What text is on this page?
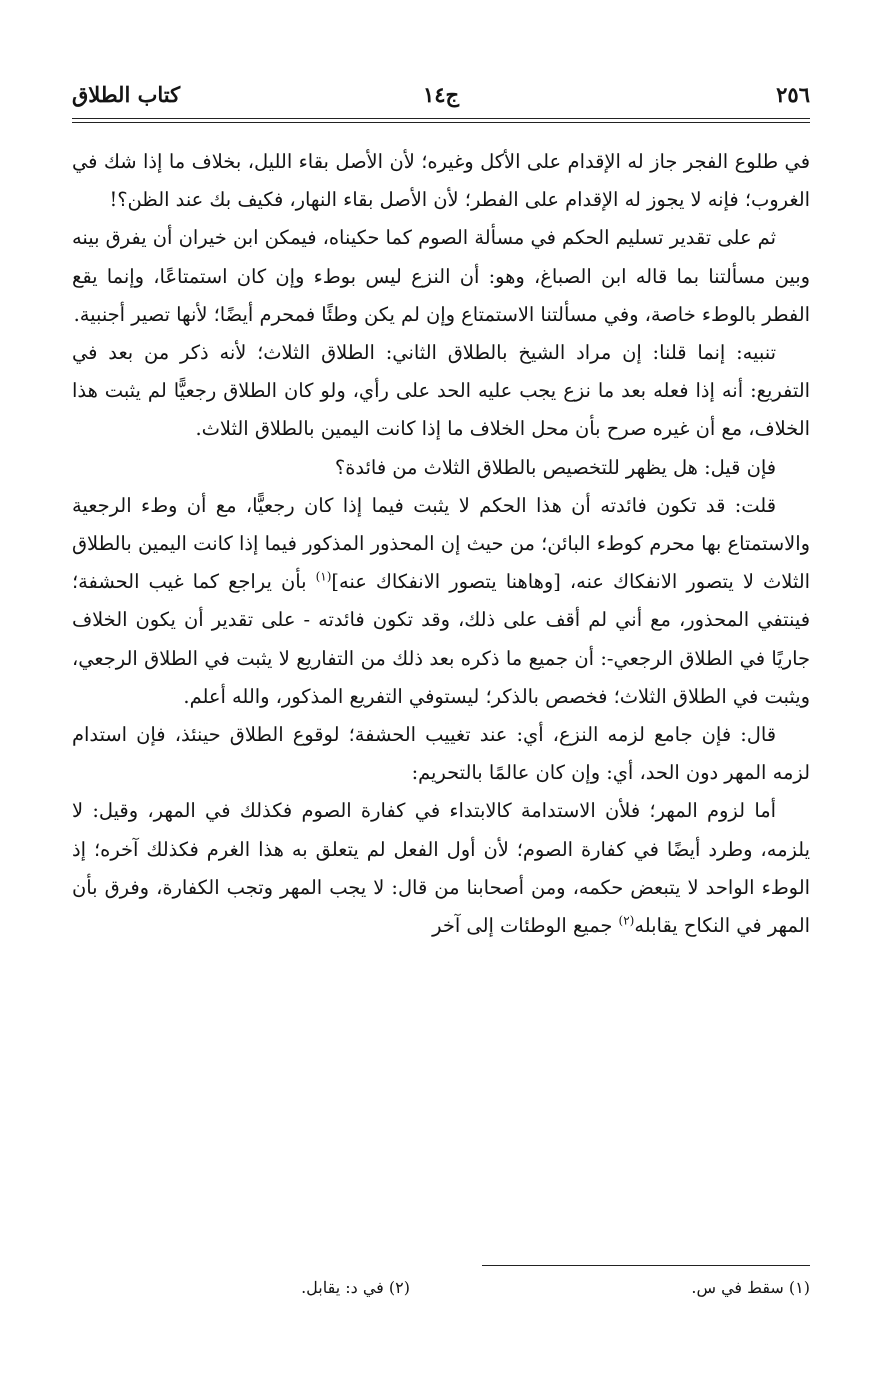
٢٥٦
ج١٤
كتاب الطلاق

في طلوع الفجر جاز له الإقدام على الأكل وغيره؛ لأن الأصل بقاء الليل، بخلاف ما إذا شك في الغروب؛ فإنه لا يجوز له الإقدام على الفطر؛ لأن الأصل بقاء النهار، فكيف بك عند الظن؟!

ثم على تقدير تسليم الحكم في مسألة الصوم كما حكيناه، فيمكن ابن خيران أن يفرق بينه وبين مسألتنا بما قاله ابن الصباغ، وهو: أن النزع ليس بوطء وإن كان استمتاعًا، وإنما يقع الفطر بالوطء خاصة، وفي مسألتنا الاستمتاع وإن لم يكن وطئًا فمحرم أيضًا؛ لأنها تصير أجنبية.

تنبيه: إنما قلنا: إن مراد الشيخ بالطلاق الثاني: الطلاق الثلاث؛ لأنه ذكر من بعد في التفريع: أنه إذا فعله بعد ما نزع يجب عليه الحد على رأي، ولو كان الطلاق رجعيًّا لم يثبت هذا الخلاف، مع أن غيره صرح بأن محل الخلاف ما إذا كانت اليمين بالطلاق الثلاث.

فإن قيل: هل يظهر للتخصيص بالطلاق الثلاث من فائدة؟

قلت: قد تكون فائدته أن هذا الحكم لا يثبت فيما إذا كان رجعيًّا، مع أن وطء الرجعية والاستمتاع بها محرم كوطء البائن؛ من حيث إن المحذور المذكور فيما إذا كانت اليمين بالطلاق الثلاث لا يتصور الانفكاك عنه، [وهاهنا يتصور الانفكاك عنه]$^{(١)}$ بأن يراجع كما غيب الحشفة؛ فينتفي المحذور، مع أني لم أقف على ذلك، وقد تكون فائدته - على تقدير أن يكون الخلاف جاريًا في الطلاق الرجعي-: أن جميع ما ذكره بعد ذلك من التفاريع لا يثبت في الطلاق الرجعي، ويثبت في الطلاق الثلاث؛ فخصص بالذكر؛ ليستوفي التفريع المذكور، والله أعلم.

قال: فإن جامع لزمه النزع، أي: عند تغييب الحشفة؛ لوقوع الطلاق حينئذ، فإن استدام لزمه المهر دون الحد، أي: وإن كان عالمًا بالتحريم:

أما لزوم المهر؛ فلأن الاستدامة كالابتداء في كفارة الصوم فكذلك في المهر، وقيل: لا يلزمه، وطرد أيضًا في كفارة الصوم؛ لأن أول الفعل لم يتعلق به هذا الغرم فكذلك آخره؛ إذ الوطء الواحد لا يتبعض حكمه، ومن أصحابنا من قال: لا يجب المهر وتجب الكفارة، وفرق بأن المهر في النكاح يقابله$^{(٢)}$ جميع الوطئات إلى آخر

(١) سقط في س.
(٢) في د: يقابل.
